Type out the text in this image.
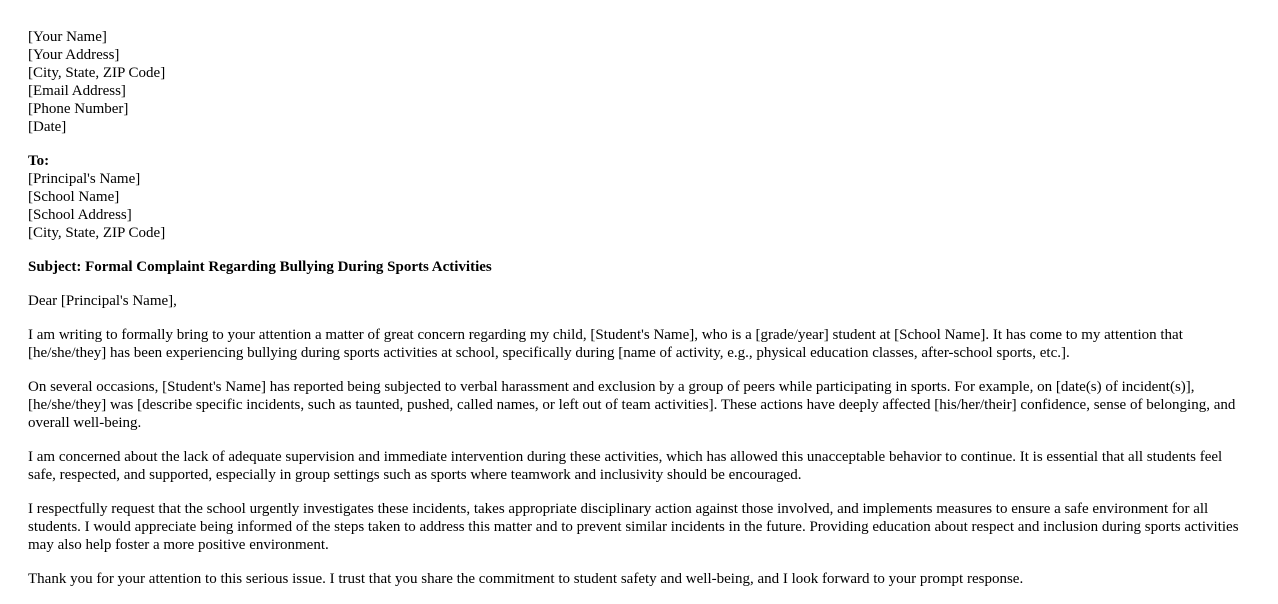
[Your Name]
[Your Address]
[City, State, ZIP Code]
[Email Address]
[Phone Number]
[Date]
To:
[Principal's Name]
[School Name]
[School Address]
[City, State, ZIP Code]

Subject: Formal Complaint Regarding Bullying During Sports Activities

Dear [Principal's Name],

I am writing to formally bring to your attention a matter of great concern regarding my child, [Student's Name], who is a [grade/year] student at [School Name]. It has come to my attention that [he/she/they] has been experiencing bullying during sports activities at school, specifically during [name of activity, e.g., physical education classes, after-school sports, etc.].

On several occasions, [Student's Name] has reported being subjected to verbal harassment and exclusion by a group of peers while participating in sports. For example, on [date(s) of incident(s)], [he/she/they] was [describe specific incidents, such as taunted, pushed, called names, or left out of team activities]. These actions have deeply affected [his/her/their] confidence, sense of belonging, and overall well-being.

I am concerned about the lack of adequate supervision and immediate intervention during these activities, which has allowed this unacceptable behavior to continue. It is essential that all students feel safe, respected, and supported, especially in group settings such as sports where teamwork and inclusivity should be encouraged.

I respectfully request that the school urgently investigates these incidents, takes appropriate disciplinary action against those involved, and implements measures to ensure a safe environment for all students. I would appreciate being informed of the steps taken to address this matter and to prevent similar incidents in the future. Providing education about respect and inclusion during sports activities may also help foster a more positive environment.

Thank you for your attention to this serious issue. I trust that you share the commitment to student safety and well-being, and I look forward to your prompt response.
